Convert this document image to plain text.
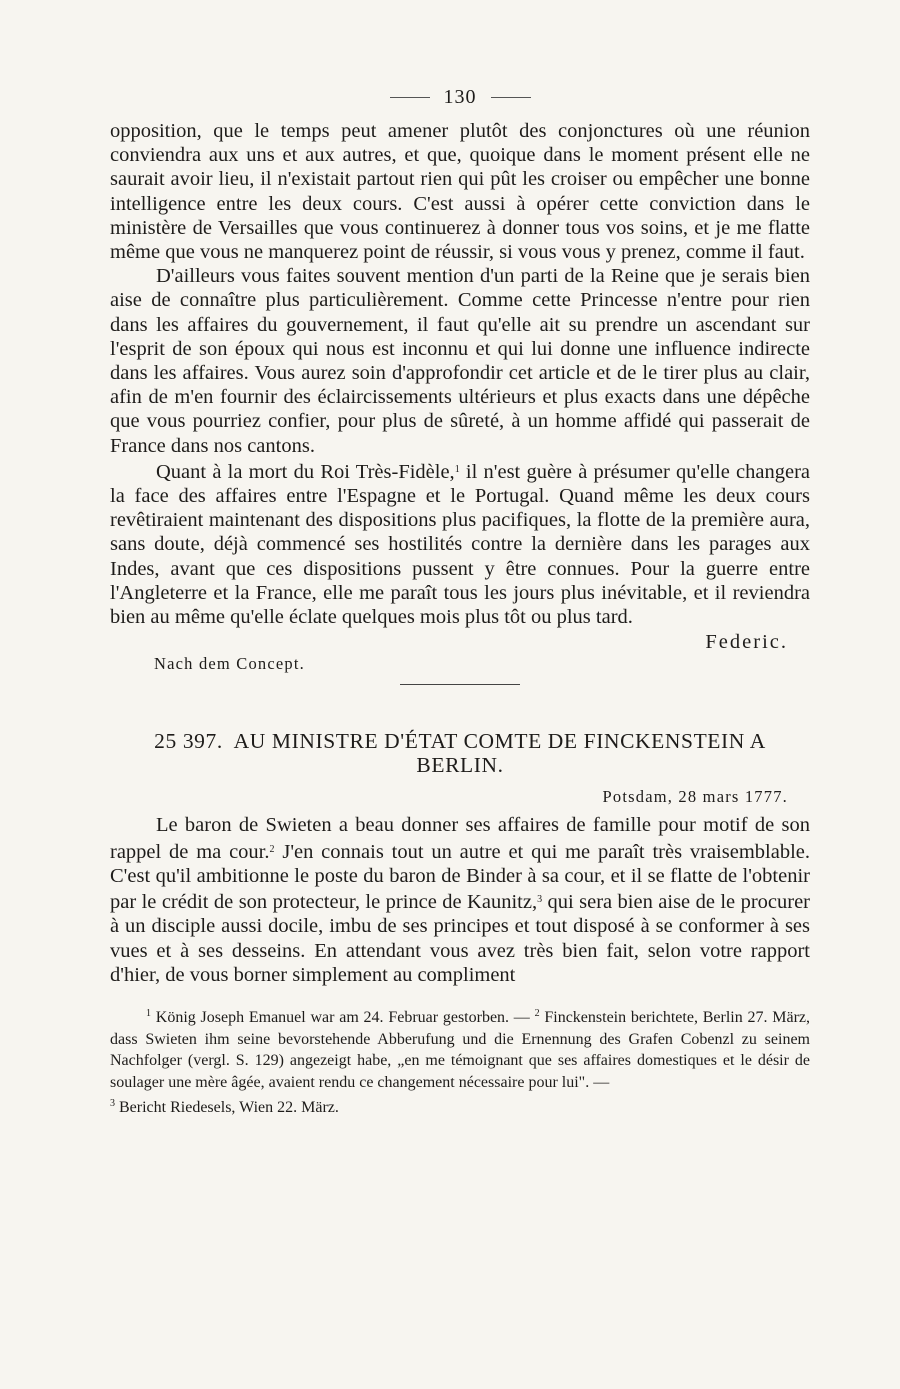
130

opposition, que le temps peut amener plutôt des conjonctures où une réunion conviendra aux uns et aux autres, et que, quoique dans le moment présent elle ne saurait avoir lieu, il n'existait partout rien qui pût les croiser ou empêcher une bonne intelligence entre les deux cours. C'est aussi à opérer cette conviction dans le ministère de Versailles que vous continuerez à donner tous vos soins, et je me flatte même que vous ne manquerez point de réussir, si vous vous y prenez, comme il faut.

D'ailleurs vous faites souvent mention d'un parti de la Reine que je serais bien aise de connaître plus particulièrement. Comme cette Princesse n'entre pour rien dans les affaires du gouvernement, il faut qu'elle ait su prendre un ascendant sur l'esprit de son époux qui nous est inconnu et qui lui donne une influence indirecte dans les affaires. Vous aurez soin d'approfondir cet article et de le tirer plus au clair, afin de m'en fournir des éclaircissements ultérieurs et plus exacts dans une dépêche que vous pourriez confier, pour plus de sûreté, à un homme affidé qui passerait de France dans nos cantons.

Quant à la mort du Roi Très-Fidèle,$^1$ il n'est guère à présumer qu'elle changera la face des affaires entre l'Espagne et le Portugal. Quand même les deux cours revêtiraient maintenant des dispositions plus pacifiques, la flotte de la première aura, sans doute, déjà commencé ses hostilités contre la dernière dans les parages aux Indes, avant que ces dispositions pussent y être connues. Pour la guerre entre l'Angleterre et la France, elle me paraît tous les jours plus inévitable, et il reviendra bien au même qu'elle éclate quelques mois plus tôt ou plus tard.

Federic.

Nach dem Concept.

25 397. AU MINISTRE D'ÉTAT COMTE DE FINCKENSTEIN A BERLIN.
Potsdam, 28 mars 1777.

Le baron de Swieten a beau donner ses affaires de famille pour motif de son rappel de ma cour.$^2$ J'en connais tout un autre et qui me paraît très vraisemblable. C'est qu'il ambitionne le poste du baron de Binder à sa cour, et il se flatte de l'obtenir par le crédit de son protecteur, le prince de Kaunitz,$^3$ qui sera bien aise de le procurer à un disciple aussi docile, imbu de ses principes et tout disposé à se conformer à ses vues et à ses desseins. En attendant vous avez très bien fait, selon votre rapport d'hier, de vous borner simplement au compliment

$^1$ König Joseph Emanuel war am 24. Februar gestorben. — $^2$ Finckenstein berichtete, Berlin 27. März, dass Swieten ihm seine bevorstehende Abberufung und die Ernennung des Grafen Cobenzl zu seinem Nachfolger (vergl. S. 129) angezeigt habe, „en me témoignant que ses affaires domestiques et le désir de soulager une mère âgée, avaient rendu ce changement nécessaire pour lui". —

$^3$ Bericht Riedesels, Wien 22. März.
